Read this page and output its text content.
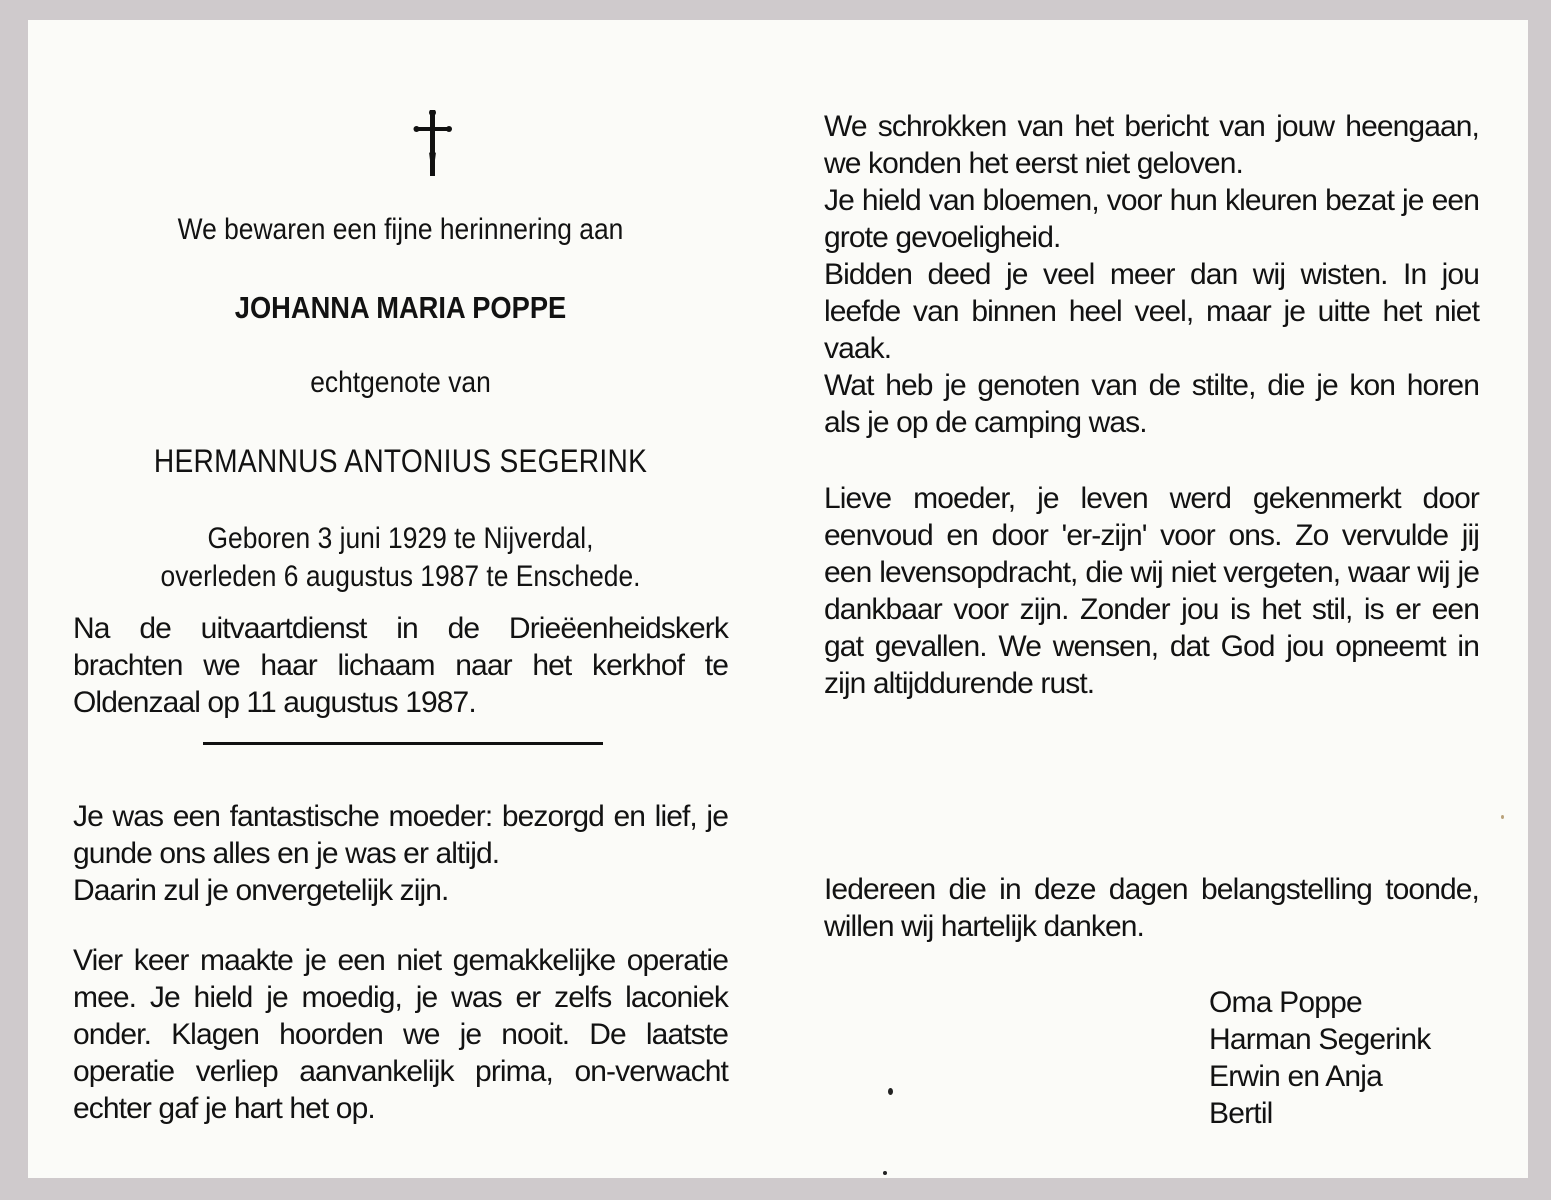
We bewaren een fijne herinnering aan

JOHANNA MARIA POPPE

echtgenote van

HERMANNUS ANTONIUS SEGERINK

Geboren 3 juni 1929 te Nijverdal,
overleden 6 augustus 1987 te Enschede.

Na de uitvaartdienst in de Drieëenheidskerk brachten we haar lichaam naar het kerkhof te Oldenzaal op 11 augustus 1987.

Je was een fantastische moeder: bezorgd en lief, je gunde ons alles en je was er altijd.
Daarin zul je onvergetelijk zijn.

Vier keer maakte je een niet gemakkelijke operatie mee. Je hield je moedig, je was er zelfs laconiek onder. Klagen hoorden we je nooit. De laatste operatie verliep aanvankelijk prima, on-verwacht echter gaf je hart het op.

We schrokken van het bericht van jouw heengaan, we konden het eerst niet geloven.
Je hield van bloemen, voor hun kleuren bezat je een grote gevoeligheid.
Bidden deed je veel meer dan wij wisten. In jou leefde van binnen heel veel, maar je uitte het niet vaak.
Wat heb je genoten van de stilte, die je kon horen als je op de camping was.

Lieve moeder, je leven werd gekenmerkt door eenvoud en door 'er-zijn' voor ons. Zo vervulde jij een levensopdracht, die wij niet vergeten, waar wij je dankbaar voor zijn. Zonder jou is het stil, is er een gat gevallen. We wensen, dat God jou opneemt in zijn altijddurende rust.

Iedereen die in deze dagen belangstelling toonde, willen wij hartelijk danken.

Oma Poppe
Harman Segerink
Erwin en Anja
Bertil
